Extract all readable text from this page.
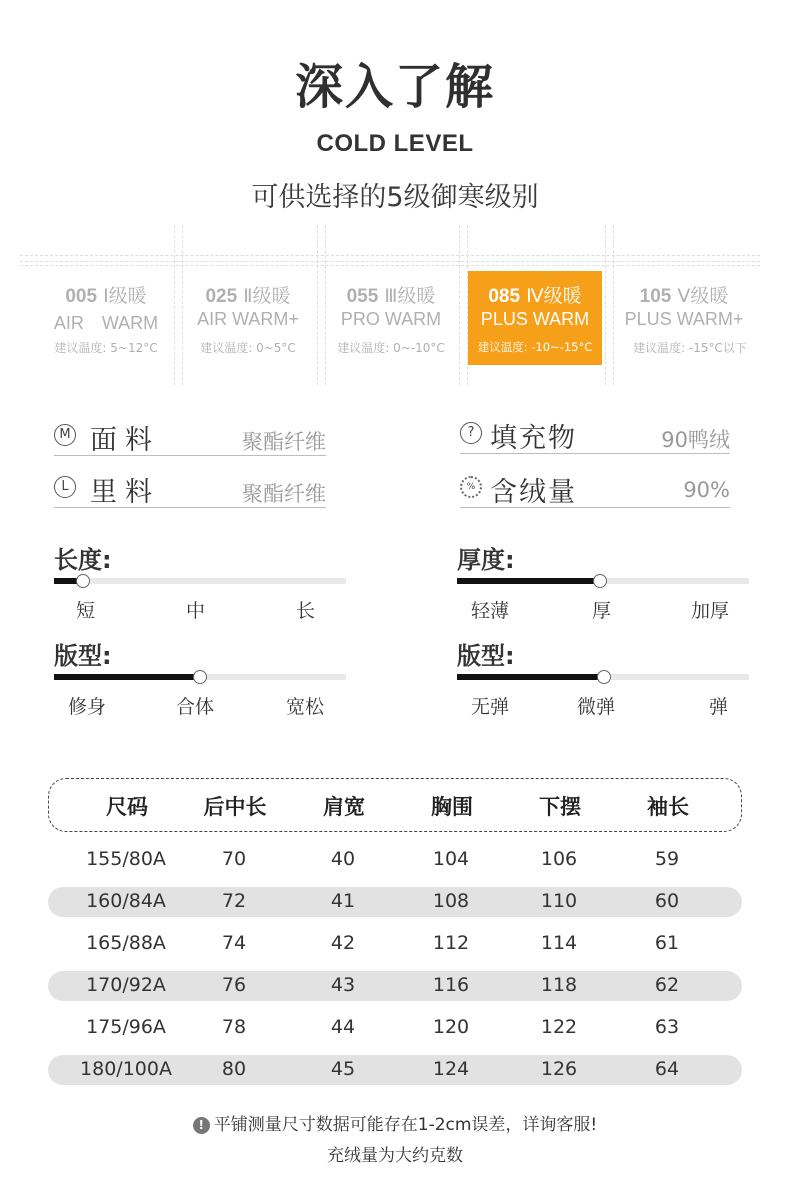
深入了解
COLD LEVEL
可供选择的5级御寒级别
005 Ⅰ级暖
AIR　WARM
建议温度: 5~12°C
025 Ⅱ级暖
AIR WARM+
建议温度: 0~5°C
055 Ⅲ级暖
PRO WARM
建议温度: 0~-10°C
085 Ⅳ级暖
PLUS WARM
建议温度: -10~-15°C
105 Ⅴ级暖
PLUS WARM+
建议温度: -15°C以下
M 面料	聚酯纤维
L 里料	聚酯纤维
? 填充物	90鸭绒
% 含绒量	90%
长度:
短	中	长
厚度:
轻薄	厚	加厚
版型:
修身	合体	宽松
版型:
无弹	微弹	弹
尺码	后中长	肩宽	胸围	下摆	袖长
155/80A	70	40	104	106	59
160/84A	72	41	108	110	60
165/88A	74	42	112	114	61
170/92A	76	43	116	118	62
175/96A	78	44	120	122	63
180/100A	80	45	124	126	64
! 平铺测量尺寸数据可能存在1-2cm误差，详询客服!
充绒量为大约克数
